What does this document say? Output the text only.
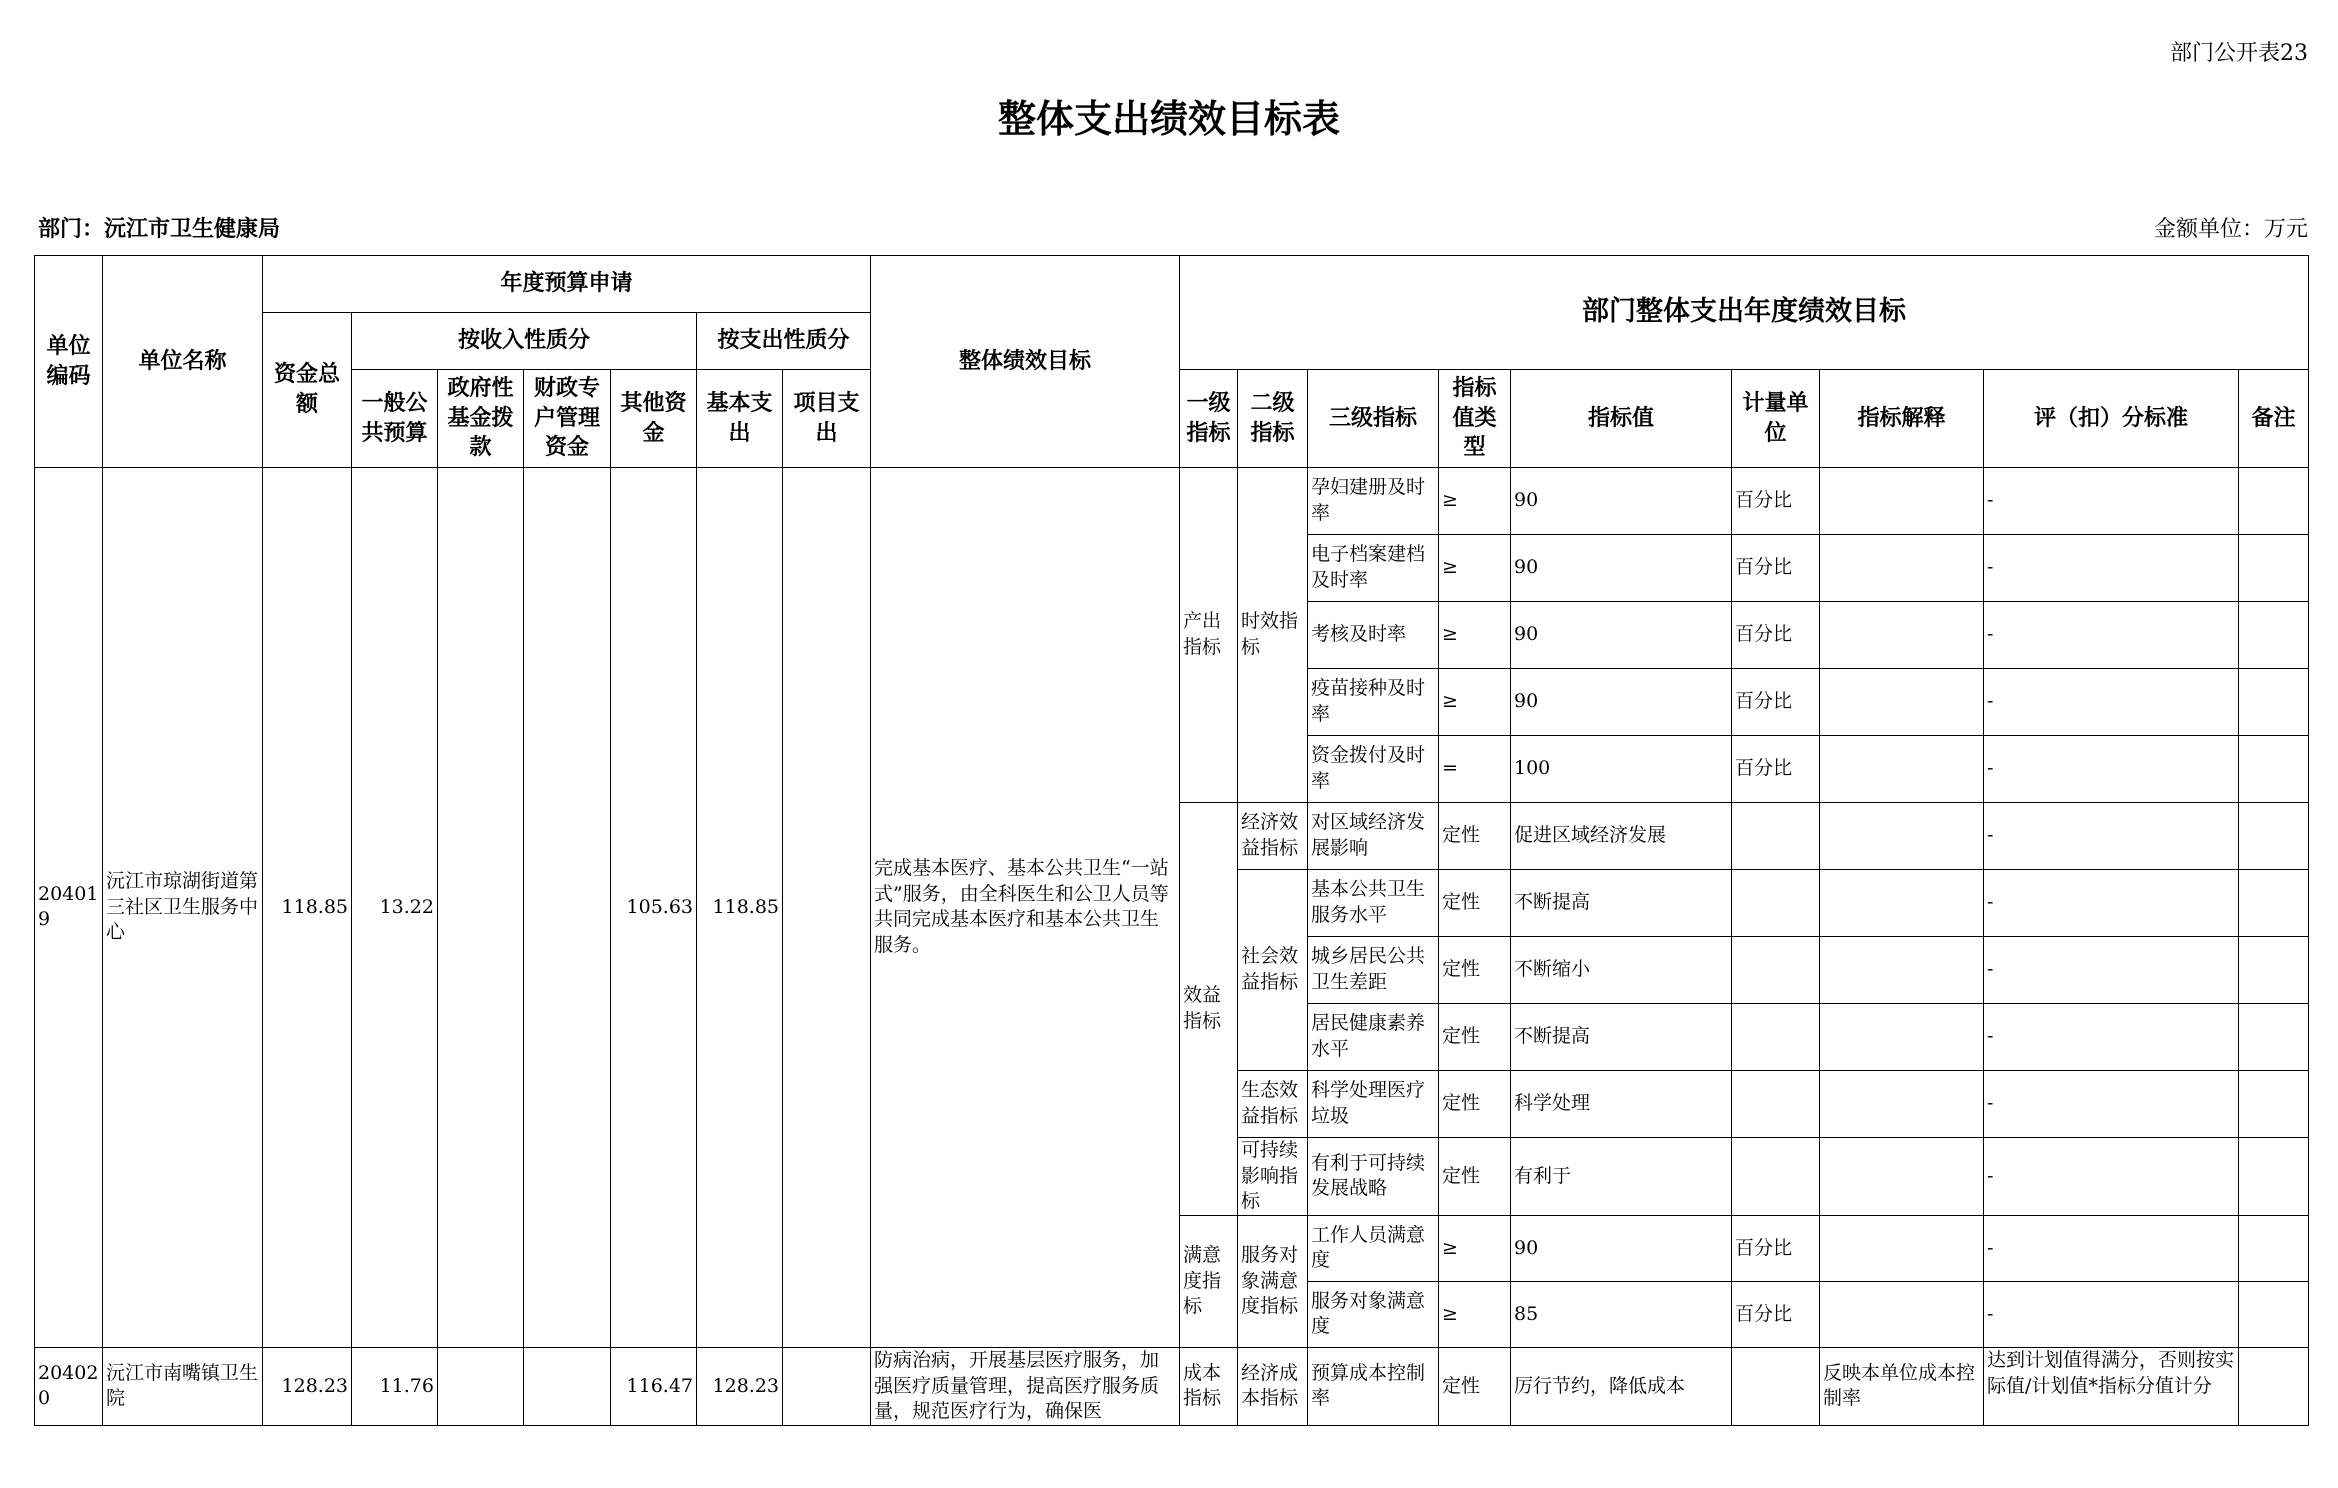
部门公开表23
整体支出绩效目标表
部门：沅江市卫生健康局	金额单位：万元
单位编码	单位名称	年度预算申请							整体绩效目标	部门整体支出年度绩效目标								
		资金总额	按收入性质分				按支出性质分											
			一般公共预算	政府性基金拨款	财政专户管理资金	其他资金	基本支出	项目支出		一级指标	二级指标	三级指标	指标值类型	指标值	计量单位	指标解释	评（扣）分标准	备注
204019	沅江市琼湖街道第三社区卫生服务中心	118.85	13.22			105.63	118.85		完成基本医疗、基本公共卫生“一站式”服务，由全科医生和公卫人员等共同完成基本医疗和基本公共卫生服务。	产出指标	时效指标	孕妇建册及时率	≥	90	百分比		-	
												电子档案建档及时率	≥	90	百分比		-	
												考核及时率	≥	90	百分比		-	
												疫苗接种及时率	≥	90	百分比		-	
												资金拨付及时率	=	100	百分比		-	
										效益指标	经济效益指标	对区域经济发展影响	定性	促进区域经济发展			-	
											社会效益指标	基本公共卫生服务水平	定性	不断提高			-	
												城乡居民公共卫生差距	定性	不断缩小			-	
												居民健康素养水平	定性	不断提高			-	
											生态效益指标	科学处理医疗垃圾	定性	科学处理			-	
											可持续影响指标	有利于可持续发展战略	定性	有利于			-	
										满意度指标	服务对象满意度指标	工作人员满意度	≥	90	百分比		-	
												服务对象满意度	≥	85	百分比		-	
204020	沅江市南嘴镇卫生院	128.23	11.76			116.47	128.23		防病治病，开展基层医疗服务，加强医疗质量管理，提高医疗服务质量，规范医疗行为，确保医	成本指标	经济成本指标	预算成本控制率	定性	厉行节约，降低成本		反映本单位成本控制率	达到计划值得满分，否则按实际值/计划值*指标分值计分	
